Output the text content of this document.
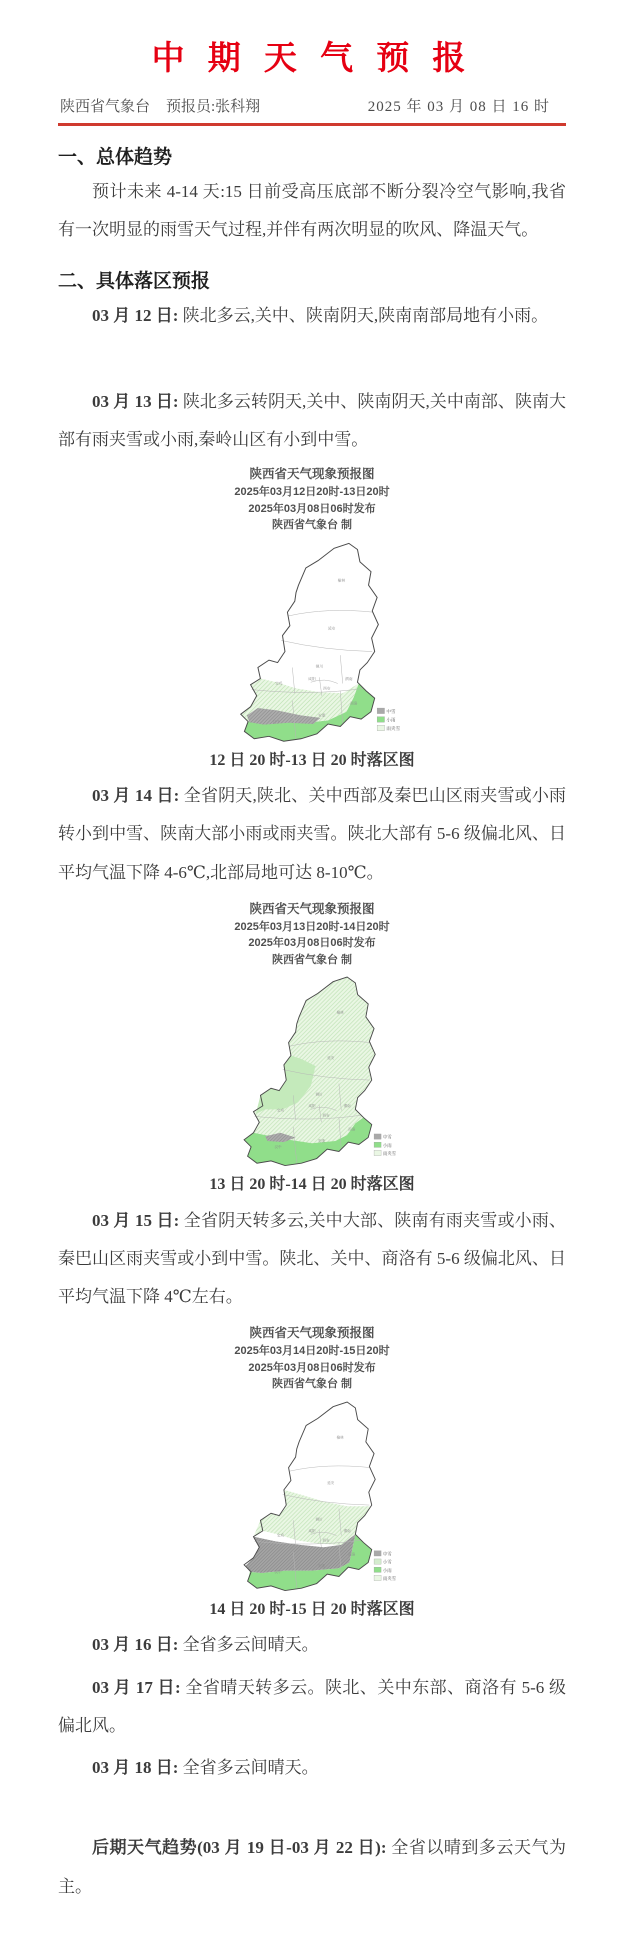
中 期 天 气 预 报
陕西省气象台 预报员:张科翔	2025 年 03 月 08 日 16 时
一、总体趋势

预计未来 4-14 天:15 日前受高压底部不断分裂冷空气影响,我省有一次明显的雨雪天气过程,并伴有两次明显的吹风、降温天气。

二、具体落区预报

03 月 12 日: 陕北多云,关中、陕南阴天,陕南南部局地有小雨。

03 月 13 日: 陕北多云转阴天,关中、陕南阴天,关中南部、陕南大部有雨夹雪或小雨,秦岭山区有小到中雪。

陕西省天气现象预报图
2025年03月12日20时-13日20时
2025年03月08日06时发布
陕西省气象台 制
榆林
延安
铜川
渭南
咸阳
西安
宝鸡
汉中
安康
商洛
中雪
小雨
雨夹雪
12 日 20 时-13 日 20 时落区图

03 月 14 日: 全省阴天,陕北、关中西部及秦巴山区雨夹雪或小雨转小到中雪、陕南大部小雨或雨夹雪。陕北大部有 5-6 级偏北风、日平均气温下降 4-6℃,北部局地可达 8-10℃。

陕西省天气现象预报图
2025年03月13日20时-14日20时
2025年03月08日06时发布
陕西省气象台 制
榆林
延安
铜川
渭南
咸阳
西安
宝鸡
汉中
安康
商洛
中雪
小雨
雨夹雪
13 日 20 时-14 日 20 时落区图

03 月 15 日: 全省阴天转多云,关中大部、陕南有雨夹雪或小雨、秦巴山区雨夹雪或小到中雪。陕北、关中、商洛有 5-6 级偏北风、日平均气温下降 4℃左右。

陕西省天气现象预报图
2025年03月14日20时-15日20时
2025年03月08日06时发布
陕西省气象台 制
榆林
延安
铜川
渭南
咸阳
西安
宝鸡
汉中
安康
商洛	中雪
小雪
小雨
雨夹雪
14 日 20 时-15 日 20 时落区图

03 月 16 日: 全省多云间晴天。

03 月 17 日: 全省晴天转多云。陕北、关中东部、商洛有 5-6 级偏北风。

03 月 18 日: 全省多云间晴天。

后期天气趋势(03 月 19 日-03 月 22 日): 全省以晴到多云天气为主。
